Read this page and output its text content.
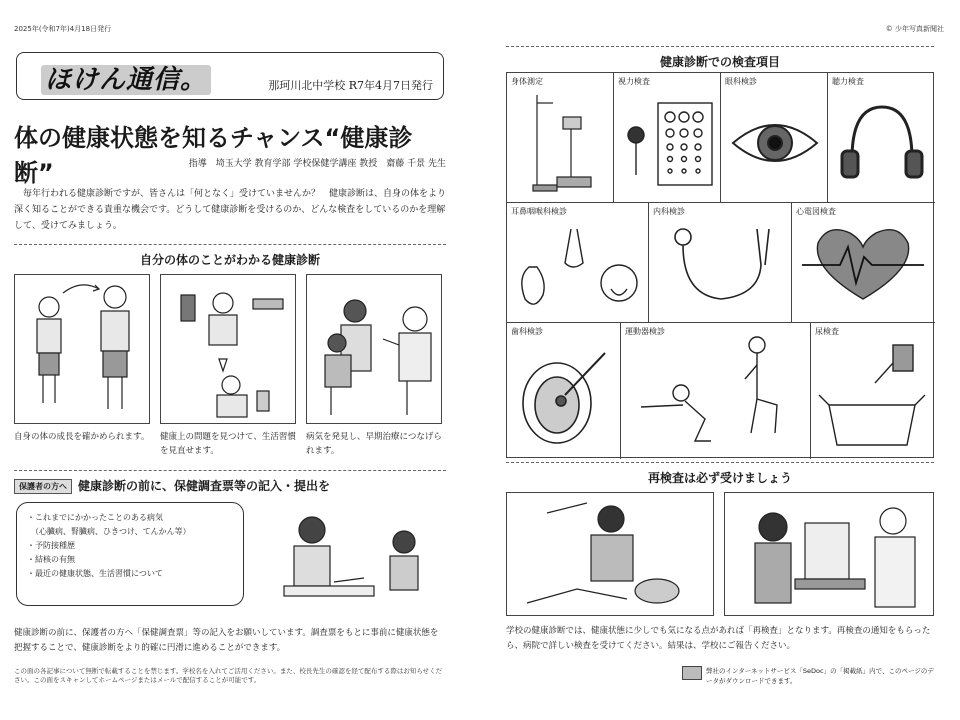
2025年(令和7年)4月18日発行	© 少年写真新聞社
ほけん通信。	那珂川北中学校 R7年4月7日発行
体の健康状態を知るチャンス“健康診断”	指導　埼玉大学 教育学部 学校保健学講座 教授　齋藤 千景 先生

毎年行われる健康診断ですが、皆さんは「何となく」受けていませんか？　健康診断は、自身の体をより深く知ることができる貴重な機会です。どうして健康診断を受けるのか、どんな検査をしているのかを理解して、受けてみましょう。

自分の体のことがわかる健康診断
自身の体の成長を確かめられます。	健康上の問題を見つけて、生活習慣を見直せます。
病気を発見し、早期治療につなげられます。
保護者の方へ 健康診断の前に、保健調査票等の記入・提出を
・これまでにかかったことのある病気
　（心臓病、腎臓病、ひきつけ、てんかん等）
・予防接種歴
・結核の有無
・最近の健康状態、生活習慣について
健康診断の前に、保護者の方へ「保健調査票」等の記入をお願いしています。調査票をもとに事前に健康状態を把握することで、健康診断をより的確に円滑に進めることができます。
この面の各記事について無断で転載することを禁じます。学校名を入れてご活用ください。また、校長先生の確認を経て配布する際はお知らせください。この面をスキャンしてホームページまたはメールで配信することが可能です。
健康診断での検査項目
身体測定	視力検査	眼科検診	聴力検査
耳鼻咽喉科検診	内科検診	心電図検査
歯科検診	運動器検診	尿検査
再検査は必ず受けましょう
学校の健康診断では、健康状態に少しでも気になる点があれば「再検査」となります。再検査の通知をもらったら、病院で詳しい検査を受けてください。結果は、学校にご報告ください。
弊社のインターネットサービス「SeDoc」の「掲載紙」内で、このページのデータがダウンロードできます。
